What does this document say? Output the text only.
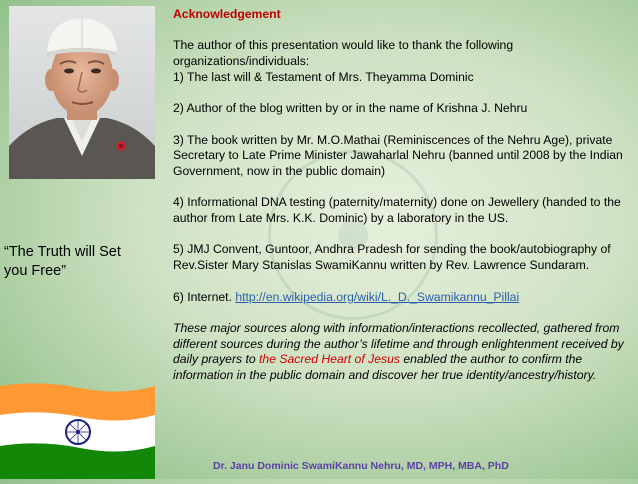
“The Truth will Set you Free”

Acknowledgement

The author of this presentation would like to thank the following organizations/individuals:

1) The last will & Testament of Mrs. Theyamma Dominic

2) Author of the blog written by or in the name of Krishna J. Nehru

3) The book written by Mr. M.O.Mathai (Reminiscences of the Nehru Age), private Secretary to Late Prime Minister Jawaharlal Nehru (banned until 2008 by the Indian Government, now in the public domain)

4) Informational DNA testing (paternity/maternity) done on Jewellery (handed to the author from Late Mrs. K.K. Dominic) by a laboratory in the US.

5) JMJ Convent, Guntoor, Andhra Pradesh for sending the book/autobiography of Rev.Sister Mary Stanislas SwamiKannu written by Rev. Lawrence Sundaram.

6) Internet. http://en.wikipedia.org/wiki/L._D._Swamikannu_Pillai

These major sources along with information/interactions recollected, gathered from different sources during the author’s lifetime and through enlightenment received by daily prayers to the Sacred Heart of Jesus enabled the author to confirm the information in the public domain and discover her true identity/ancestry/history.

Dr. Janu Dominic SwamiKannu Nehru, MD, MPH, MBA, PhD
